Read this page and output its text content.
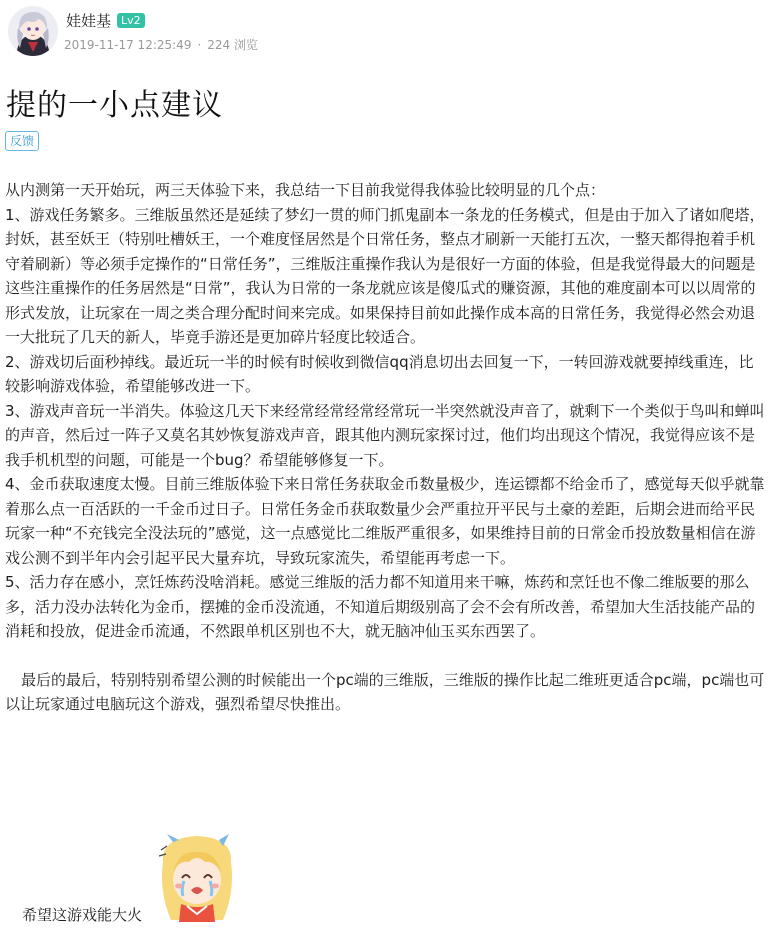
娃娃基 Lv2
2019-11-17 12:25:49 · 224 浏览
提的一小点建议
反馈

从内测第一天开始玩，两三天体验下来，我总结一下目前我觉得我体验比较明显的几个点：

1、游戏任务繁多。三维版虽然还是延续了梦幻一贯的师门抓鬼副本一条龙的任务模式，但是由于加入了诸如爬塔，封妖，甚至妖王（特别吐槽妖王，一个难度怪居然是个日常任务，整点才刷新一天能打五次，一整天都得抱着手机守着刷新）等必须手定操作的“日常任务”，三维版注重操作我认为是很好一方面的体验，但是我觉得最大的问题是这些注重操作的任务居然是“日常”，我认为日常的一条龙就应该是傻瓜式的赚资源，其他的难度副本可以以周常的形式发放，让玩家在一周之类合理分配时间来完成。如果保持目前如此操作成本高的日常任务，我觉得必然会劝退一大批玩了几天的新人，毕竟手游还是更加碎片轻度比较适合。

2、游戏切后面秒掉线。最近玩一半的时候有时候收到微信qq消息切出去回复一下，一转回游戏就要掉线重连，比较影响游戏体验，希望能够改进一下。

3、游戏声音玩一半消失。体验这几天下来经常经常经常经常玩一半突然就没声音了，就剩下一个类似于鸟叫和蝉叫的声音，然后过一阵子又莫名其妙恢复游戏声音，跟其他内测玩家探讨过，他们均出现这个情况，我觉得应该不是我手机机型的问题，可能是一个bug？希望能够修复一下。

4、金币获取速度太慢。目前三维版体验下来日常任务获取金币数量极少，连运镖都不给金币了，感觉每天似乎就靠着那么点一百活跃的一千金币过日子。日常任务金币获取数量少会严重拉开平民与土豪的差距，后期会进而给平民玩家一种“不充钱完全没法玩的”感觉，这一点感觉比二维版严重很多，如果维持目前的日常金币投放数量相信在游戏公测不到半年内会引起平民大量弃坑，导致玩家流失，希望能再考虑一下。

5、活力存在感小，烹饪炼药没啥消耗。感觉三维版的活力都不知道用来干嘛，炼药和烹饪也不像二维版要的那么多，活力没办法转化为金币，摆摊的金币没流通，不知道后期级别高了会不会有所改善，希望加大生活技能产品的消耗和投放，促进金币流通，不然跟单机区别也不大，就无脑冲仙玉买东西罢了。

最后的最后，特别特别希望公测的时候能出一个pc端的三维版，三维版的操作比起二维班更适合pc端，pc端也可以让玩家通过电脑玩这个游戏，强烈希望尽快推出。

希望这游戏能大火
